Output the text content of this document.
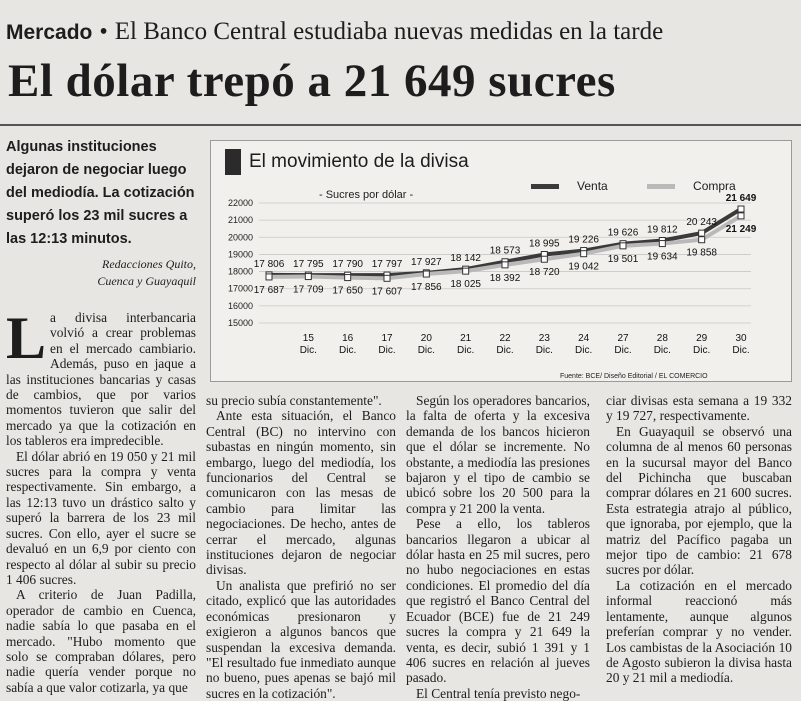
Mercado • El Banco Central estudiaba nuevas medidas en la tarde
El dólar trepó a 21 649 sucres
Algunas instituciones dejaron de negociar luego del mediodía. La cotización superó los 23 mil sucres a las 12:13 minutos.
Redacciones Quito,
Cuenca y Guayaquil
El movimiento de la divisa
- Sucres por dólar -
Venta	Compra
15000
16000
17000
18000
19000
20000
21000
22000
17 806 17 795 17 790 17 797 17 927 18 142
18 573
18 995 19 226
19 626 19 812
20 243
21 649
17 687 17 709 17 650 17 607 17 856 18 025
18 392
18 720
19 042
19 501 19 634 19 858
21 249
15
Dic.
16
Dic.
17
Dic.
20
Dic.
21
Dic.
22
Dic.
23
Dic.
24
Dic.
27
Dic.
28
Dic.
29
Dic.
30
Dic.
Fuente: BCE/ Diseño Editorial / EL COMERCIO

La divisa interbancaria volvió a crear problemas en el mercado cambiario. Además, puso en jaque a las instituciones bancarias y casas de cambios, que por varios momentos tuvieron que salir del mercado ya que la cotización en los tableros era impredecible.

El dólar abrió en 19 050 y 21 mil sucres para la compra y venta respectivamente. Sin embargo, a las 12:13 tuvo un drástico salto y superó la barrera de los 23 mil sucres. Con ello, ayer el sucre se devaluó en un 6,9 por ciento con respecto al dólar al subir su precio 1 406 sucres.

A criterio de Juan Padilla, operador de cambio en Cuenca, nadie sabía lo que pasaba en el mercado. "Hubo momento que solo se compraban dólares, pero nadie quería vender porque no sabía a que valor cotizarla, ya que

su precio subía constantemente".

Ante esta situación, el Banco Central (BC) no intervino con subastas en ningún momento, sin embargo, luego del mediodía, los funcionarios del Central se comunicaron con las mesas de cambio para limitar las negociaciones. De hecho, antes de cerrar el mercado, algunas instituciones dejaron de negociar divisas.

Un analista que prefirió no ser citado, explicó que las autoridades económicas presionaron y exigieron a algunos bancos que suspendan la excesiva demanda. "El resultado fue inmediato aunque no bueno, pues apenas se bajó mil sucres en la cotización".

Según los operadores bancarios, la falta de oferta y la excesiva demanda de los bancos hicieron que el dólar se incremente. No obstante, a mediodía las presiones bajaron y el tipo de cambio se ubicó sobre los 20 500 para la compra y 21 200 la venta.

Pese a ello, los tableros bancarios llegaron a ubicar al dólar hasta en 25 mil sucres, pero no hubo negociaciones en estas condiciones. El promedio del día que registró el Banco Central del Ecuador (BCE) fue de 21 249 sucres la compra y 21 649 la venta, es decir, subió 1 391 y 1 406 sucres en relación al jueves pasado.

El Central tenía previsto nego-

ciar divisas esta semana a 19 332 y 19 727, respectivamente.

En Guayaquil se observó una columna de al menos 60 personas en la sucursal mayor del Banco del Pichincha que buscaban comprar dólares en 21 600 sucres. Esta estrategia atrajo al público, que ignoraba, por ejemplo, que la matriz del Pacífico pagaba un mejor tipo de cambio: 21 678 sucres por dólar.

La cotización en el mercado informal reaccionó más lentamente, aunque algunos preferían comprar y no vender. Los cambistas de la Asociación 10 de Agosto subieron la divisa hasta 20 y 21 mil a mediodía.
